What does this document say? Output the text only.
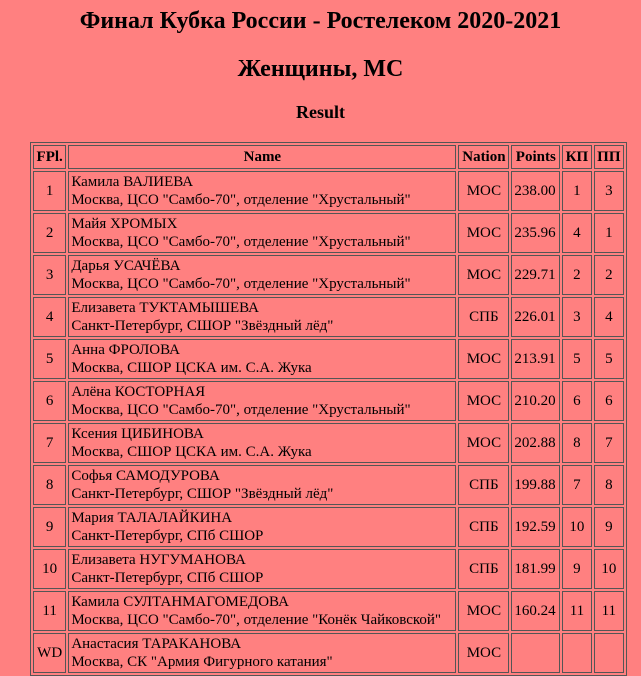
Финал Кубка России - Ростелеком 2020-2021
Женщины, МС
Result
FPl.	Name	Nation	Points	КП	ПП
1	Камила ВАЛИЕВА
Москва, ЦСО "Самбо-70", отделение "Хрустальный"	МОС	238.00	1	3
2	Майя ХРОМЫХ
Москва, ЦСО "Самбо-70", отделение "Хрустальный"	МОС	235.96	4	1
3	Дарья УСАЧЁВА
Москва, ЦСО "Самбо-70", отделение "Хрустальный"	МОС	229.71	2	2
4	Елизавета ТУКТАМЫШЕВА
Санкт-Петербург, СШОР "Звёздный лёд"	СПБ	226.01	3	4
5	Анна ФРОЛОВА
Москва, СШОР ЦСКА им. С.А. Жука	МОС	213.91	5	5
6	Алёна КОСТОРНАЯ
Москва, ЦСО "Самбо-70", отделение "Хрустальный"	МОС	210.20	6	6
7	Ксения ЦИБИНОВА
Москва, СШОР ЦСКА им. С.А. Жука	МОС	202.88	8	7
8	Софья САМОДУРОВА
Санкт-Петербург, СШОР "Звёздный лёд"	СПБ	199.88	7	8
9	Мария ТАЛАЛАЙКИНА
Санкт-Петербург, СПб СШОР	СПБ	192.59	10	9
10	Елизавета НУГУМАНОВА
Санкт-Петербург, СПб СШОР	СПБ	181.99	9	10
11	Камила СУЛТАНМАГОМЕДОВА
Москва, ЦСО "Самбо-70", отделение "Конёк Чайковской"	МОС	160.24	11	11
WD	Анастасия ТАРАКАНОВА
Москва, СК "Армия Фигурного катания"	МОС			
